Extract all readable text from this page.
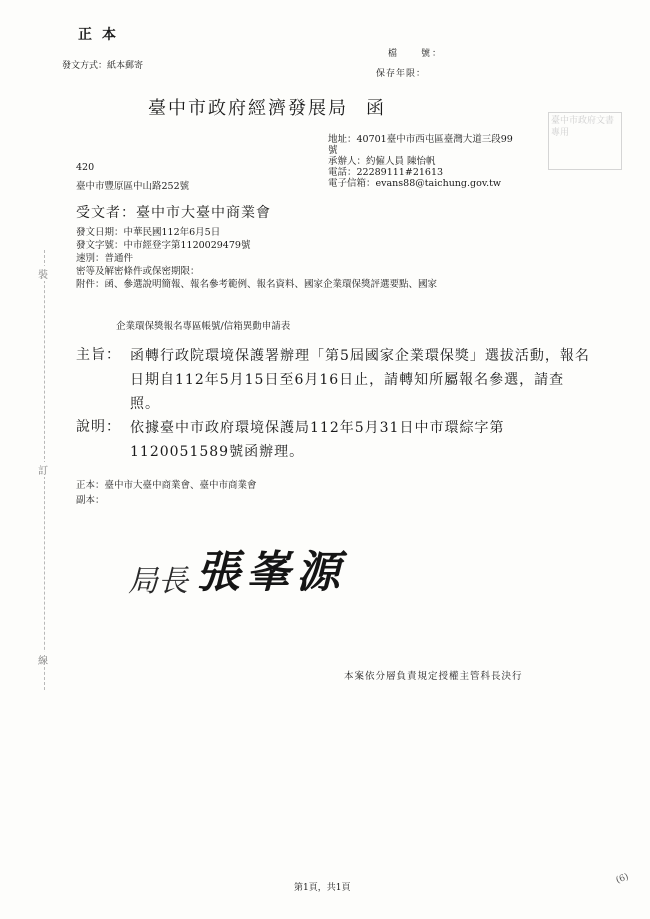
正本
發文方式：紙本郵寄
檔　　號：
保存年限：
臺中市政府經濟發展局 函
臺中市政府文書專用
地址：40701臺中市西屯區臺灣大道三段99
號
承辦人：約僱人員 陳怡帆
電話：22289111#21613
電子信箱：evans88@taichung.gov.tw
420
臺中市豐原區中山路252號
受文者：臺中市大臺中商業會
發文日期：中華民國112年6月5日
發文字號：中市經登字第1120029479號
速別：普通件
密等及解密條件或保密期限：
附件：函、參選說明簡報、報名參考範例、報名資料、國家企業環保獎評選要點、國家
企業環保獎報名專區帳號/信箱異動申請表
主旨： 函轉行政院環境保護署辦理「第5屆國家企業環保獎」選拔活動，報名日期自112年5月15日至6月16日止，請轉知所屬報名參選，請查照。
說明： 依據臺中市政府環境保護局112年5月31日中市環綜字第1120051589號函辦理。
正本：臺中市大臺中商業會、臺中市商業會
副本：
局長 張峯源
本案依分層負責規定授權主管科長決行
裝
訂
線
第1頁，共1頁
(6)
